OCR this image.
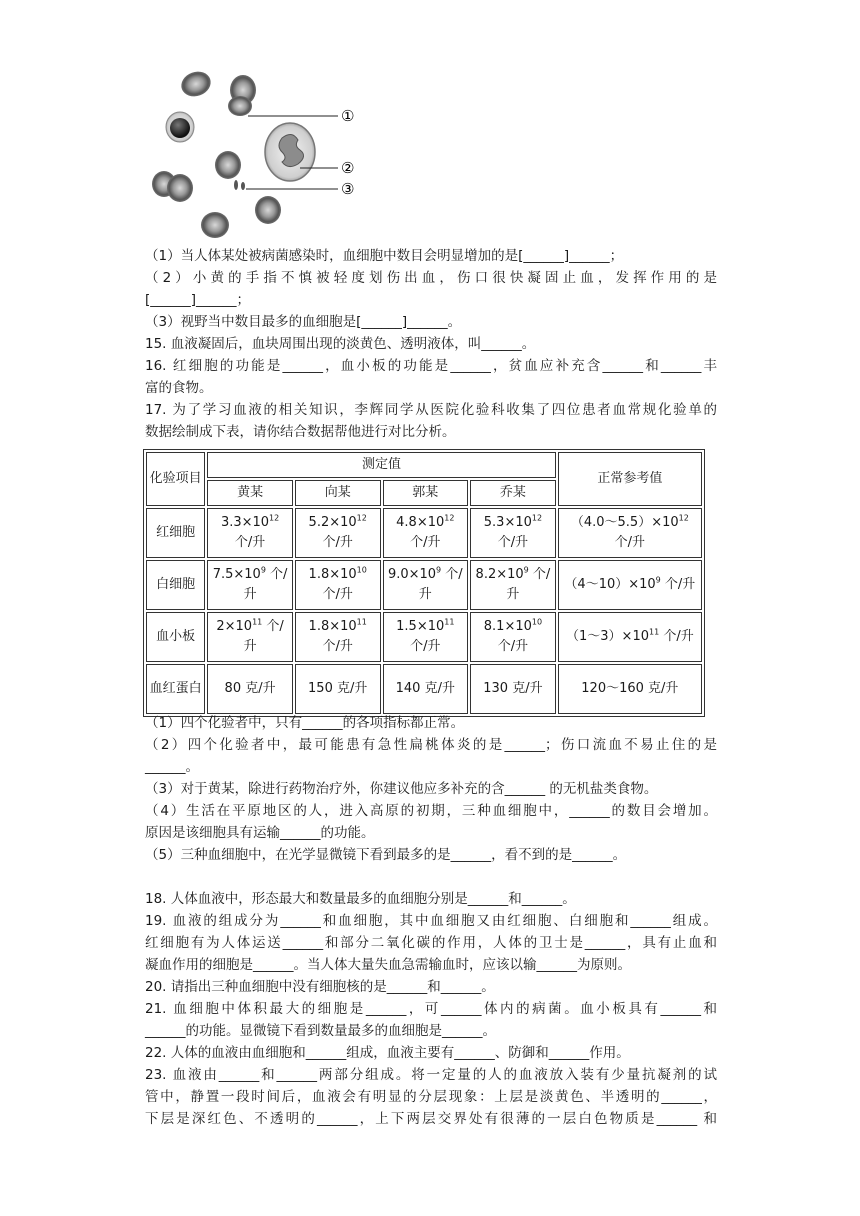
①
②
③
（1）当人体某处被病菌感染时，血细胞中数目会明显增加的是[______]______；
（2）小黄的手指不慎被轻度划伤出血，伤口很快凝固止血，发挥作用的是
[______]______；
（3）视野当中数目最多的血细胞是[______]______。
15. 血液凝固后，血块周围出现的淡黄色、透明液体，叫______。
16. 红细胞的功能是______，血小板的功能是______，贫血应补充含______和______丰
富的食物。
17. 为了学习血液的相关知识，李辉同学从医院化验科收集了四位患者血常规化验单的
数据绘制成下表，请你结合数据帮他进行对比分析。
化验项目	测定值				正常参考值
	黄某	向某	郭某	乔某	
红细胞	$3.3\times 10^{12}$ 个/升	$5.2\times 10^{12}$ 个/升	$4.8\times 10^{12}$ 个/升	$5.3\times 10^{12}$ 个/升	$(4.0\sim 5.5)\times 10^{12}$ 个/升
白细胞	$7.5\times 10^9$ 个/升	$1.8\times 10^{10}$ 个/升	$9.0\times 10^9$ 个/升	$8.2\times 10^9$ 个/升	$(4\sim 10)\times 10^9$ 个/升
血小板	$2\times 10^{11}$ 个/升	$1.8\times 10^{11}$ 个/升	$1.5\times 10^{11}$ 个/升	$8.1\times 10^{10}$ 个/升	$(1\sim 3)\times 10^{11}$ 个/升
血红蛋白	80 克/升	150 克/升	140 克/升	130 克/升	120～160 克/升
（1）四个化验者中，只有______的各项指标都正常。
（2）四个化验者中，最可能患有急性扁桃体炎的是______；伤口流血不易止住的是
______。
（3）对于黄某，除进行药物治疗外，你建议他应多补充的含______ 的无机盐类食物。
（4）生活在平原地区的人，进入高原的初期，三种血细胞中，______的数目会增加。
原因是该细胞具有运输______的功能。
（5）三种血细胞中，在光学显微镜下看到最多的是______，看不到的是______。
18. 人体血液中，形态最大和数量最多的血细胞分别是______和______。
19. 血液的组成分为______和血细胞，其中血细胞又由红细胞、白细胞和______组成。
红细胞有为人体运送______和部分二氧化碳的作用，人体的卫士是______，具有止血和
凝血作用的细胞是______。当人体大量失血急需输血时，应该以输______为原则。
20. 请指出三种血细胞中没有细胞核的是______和______。
21. 血细胞中体积最大的细胞是______，可______体内的病菌。血小板具有______和
______的功能。显微镜下看到数量最多的血细胞是______。
22. 人体的血液由血细胞和______组成，血液主要有______、防御和______作用。
23. 血液由______和______两部分组成。将一定量的人的血液放入装有少量抗凝剂的试
管中，静置一段时间后，血液会有明显的分层现象：上层是淡黄色、半透明的______，
下层是深红色、不透明的______，上下两层交界处有很薄的一层白色物质是______ 和
